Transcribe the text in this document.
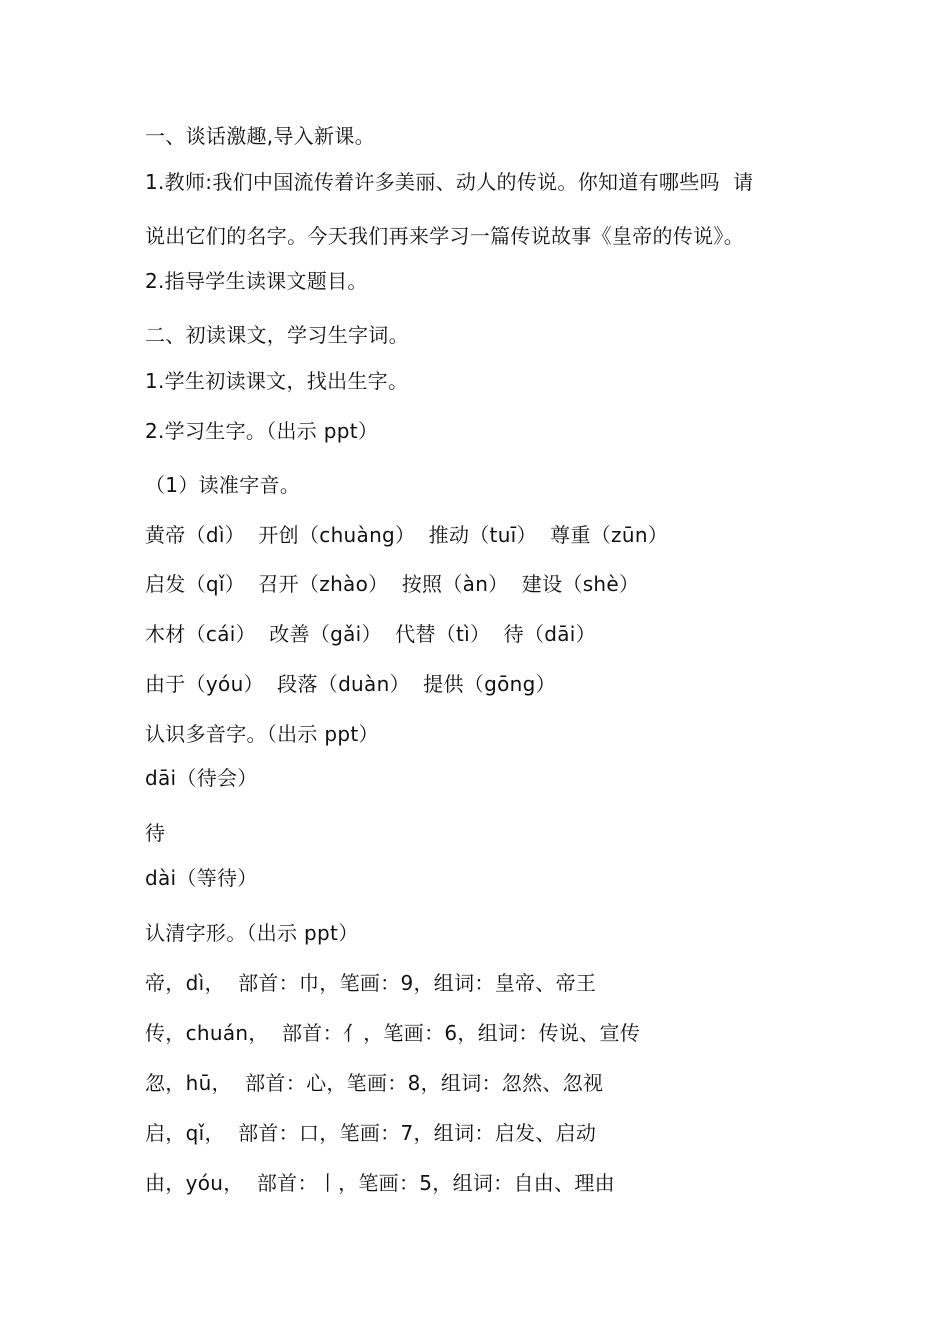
一、谈话激趣,导入新课。
1.教师:我们中国流传着许多美丽、动人的传说。你知道有哪些吗  请
说出它们的名字。今天我们再来学习一篇传说故事《皇帝的传说》。
2.指导学生读课文题目。
二、初读课文，学习生字词。
1.学生初读课文，找出生字。
2.学习生字。（出示 ppt）
（1）读准字音。
黄帝（dì）  开创（chuàng）  推动（tuī）  尊重（zūn）
启发（qǐ）  召开（zhào）  按照（àn）  建设（shè）
木材（cái）  改善（gǎi）  代替（tì）  待（dāi）
由于（yóu）  段落（duàn）  提供（gōng）
认识多音字。（出示 ppt）
dāi（待会）
待
dài（等待）
认清字形。（出示 ppt）
帝，dì，  部首：巾，笔画：9，组词：皇帝、帝王
传，chuán，  部首：亻，笔画：6，组词：传说、宣传
忽，hū，  部首：心，笔画：8，组词：忽然、忽视
启，qǐ，  部首：口，笔画：7，组词：启发、启动
由，yóu，  部首：丨，笔画：5，组词：自由、理由
